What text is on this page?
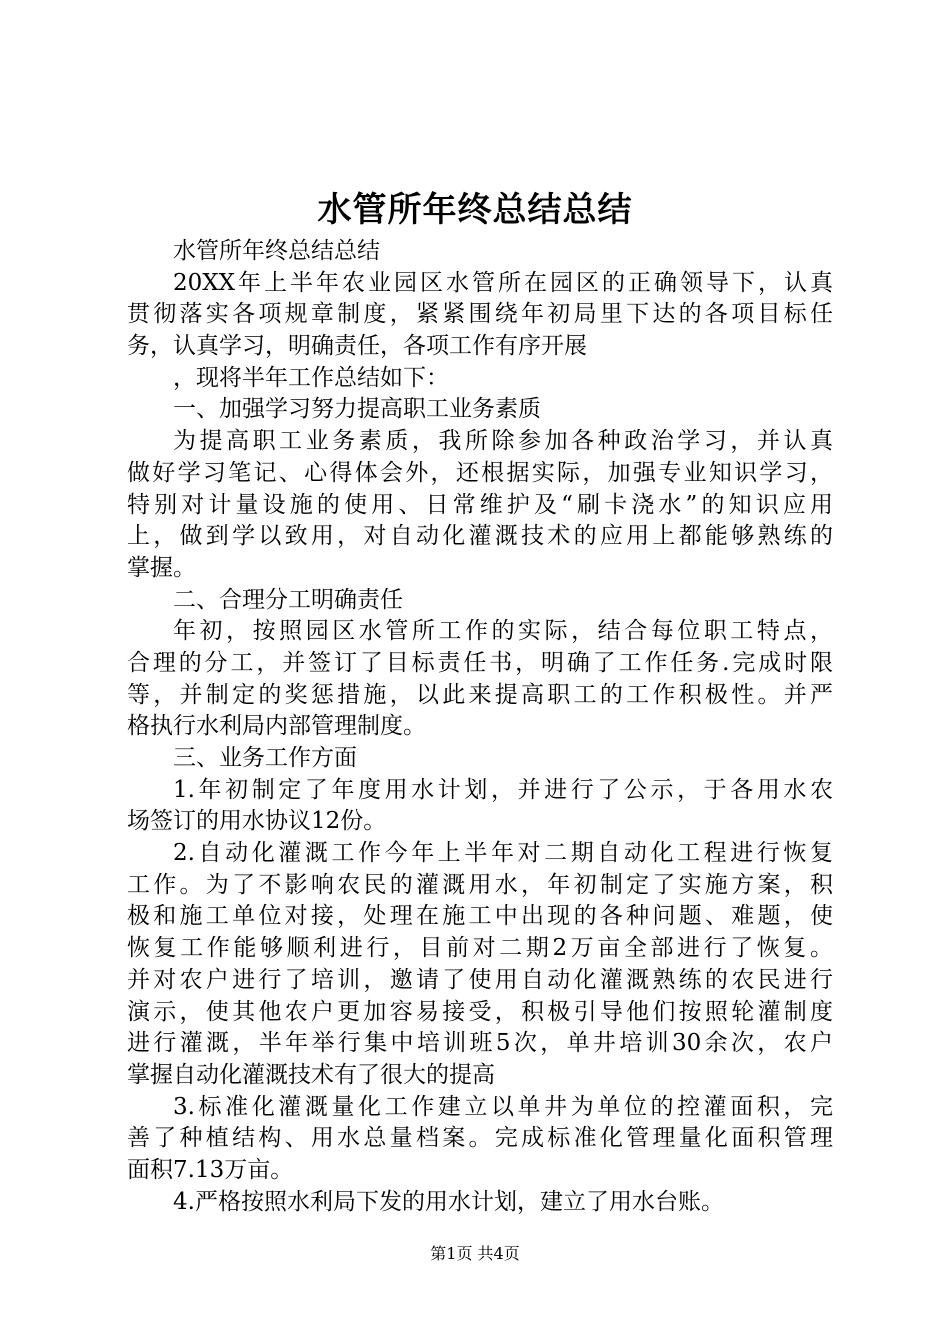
水管所年终总结总结
水管所年终总结总结
20XX年上半年农业园区水管所在园区的正确领导下，认真
贯彻落实各项规章制度，紧紧围绕年初局里下达的各项目标任
务，认真学习，明确责任，各项工作有序开展
，现将半年工作总结如下：
一、加强学习努力提高职工业务素质
为提高职工业务素质，我所除参加各种政治学习，并认真
做好学习笔记、心得体会外，还根据实际，加强专业知识学习，
特别对计量设施的使用、日常维护及“刷卡浇水”的知识应用
上，做到学以致用，对自动化灌溉技术的应用上都能够熟练的
掌握。
二、合理分工明确责任
年初，按照园区水管所工作的实际，结合每位职工特点，
合理的分工，并签订了目标责任书，明确了工作任务.完成时限
等，并制定的奖惩措施，以此来提高职工的工作积极性。并严
格执行水利局内部管理制度。
三、业务工作方面
1.年初制定了年度用水计划，并进行了公示，于各用水农
场签订的用水协议12份。
2.自动化灌溉工作今年上半年对二期自动化工程进行恢复
工作。为了不影响农民的灌溉用水，年初制定了实施方案，积
极和施工单位对接，处理在施工中出现的各种问题、难题，使
恢复工作能够顺利进行，目前对二期2万亩全部进行了恢复。
并对农户进行了培训，邀请了使用自动化灌溉熟练的农民进行
演示，使其他农户更加容易接受，积极引导他们按照轮灌制度
进行灌溉，半年举行集中培训班5次，单井培训30余次，农户
掌握自动化灌溉技术有了很大的提高
3.标准化灌溉量化工作建立以单井为单位的控灌面积，完
善了种植结构、用水总量档案。完成标准化管理量化面积管理
面积7.13万亩。
4.严格按照水利局下发的用水计划，建立了用水台账。
第1页 共4页
